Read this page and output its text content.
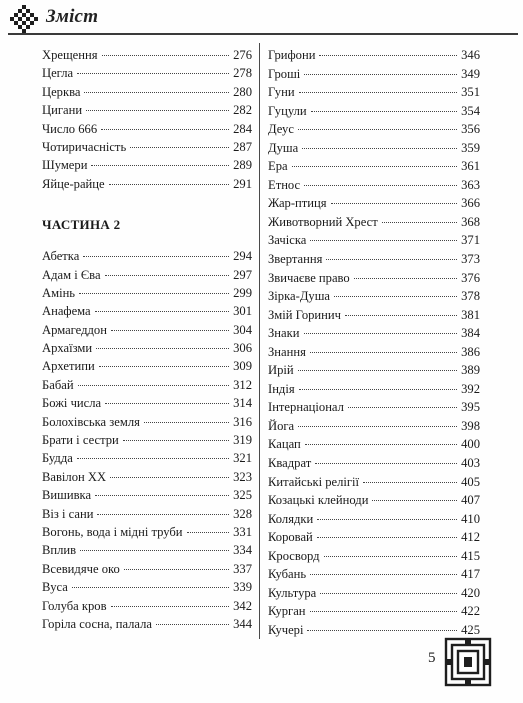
Зміст
Хрещення	276
Цегла	278
Церква	280
Цигани	282
Число 666	284
Чотиричасність	287
Шумери	289
Яйце-райце	291
ЧАСТИНА 2
Абетка	294
Адам і Єва	297
Амінь	299
Анафема	301
Армагеддон	304
Архаїзми	306
Архетипи	309
Бабай	312
Божі числа	314
Болохівська земля	316
Брати і сестри	319
Будда	321
Вавілон ХХ	323
Вишивка	325
Віз і сани	328
Вогонь, вода і мідні труби	331
Вплив	334
Всевидяче око	337
Вуса	339
Голуба кров	342
Горіла сосна, палала	344
Грифони	346
Гроші	349
Гуни	351
Гуцули	354
Деус	356
Душа	359
Ера	361
Етнос	363
Жар-птиця	366
Животворний Хрест	368
Зачіска	371
Звертання	373
Звичаєве право	376
Зірка-Душа	378
Змій Горинич	381
Знаки	384
Знання	386
Ирій	389
Індія	392
Інтернаціонал	395
Йога	398
Кацап	400
Квадрат	403
Китайські релігії	405
Козацькі клейноди	407
Колядки	410
Коровай	412
Кросворд	415
Кубань	417
Культура	420
Курган	422
Кучері	425
5
